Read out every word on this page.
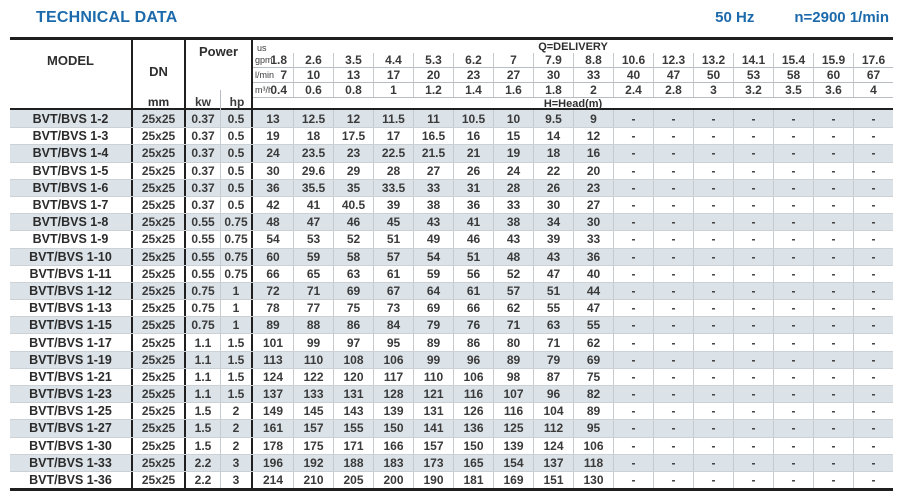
TECHNICAL DATA	50 Hz	n=2900 1/min
MODEL
DN
mm
Power
kw	hp
us	Q=DELIVERY
gpm
1.8 2.6 3.5 4.4 5.3 6.2 7 7.9 8.8 10.6 12.3 13.2 14.1 15.4 15.9 17.6
l/min 7 10 13 17 20 23 27 30 33 40 47 50 53 58 60 67
m³/h
0.4 0.6 0.8 1 1.2 1.4 1.6 1.8 2 2.4 2.8 3 3.2 3.5 3.6 4
H=Head(m)
BVT/BVS 1-2	25x25	0.37	0.5	13	12.5	12	11.5	11	10.5	10	9.5	9	-	-	-	-	-	-	-
BVT/BVS 1-3	25x25	0.37	0.5	19	18	17.5	17	16.5	16	15	14	12	-	-	-	-	-	-	-
BVT/BVS 1-4	25x25	0.37	0.5	24	23.5	23	22.5	21.5	21	19	18	16	-	-	-	-	-	-	-
BVT/BVS 1-5	25x25	0.37	0.5	30	29.6	29	28	27	26	24	22	20	-	-	-	-	-	-	-
BVT/BVS 1-6	25x25	0.37	0.5	36	35.5	35	33.5	33	31	28	26	23	-	-	-	-	-	-	-
BVT/BVS 1-7	25x25	0.37	0.5	42	41	40.5	39	38	36	33	30	27	-	-	-	-	-	-	-
BVT/BVS 1-8	25x25	0.55 0.75	48	47	46	45	43	41	38	34	30	-	-	-	-	-	-	-
BVT/BVS 1-9	25x25	0.55 0.75	54	53	52	51	49	46	43	39	33	-	-	-	-	-	-	-
BVT/BVS 1-10	25x25	0.55 0.75	60	59	58	57	54	51	48	43	36	-	-	-	-	-	-	-
BVT/BVS 1-11	25x25	0.55 0.75	66	65	63	61	59	56	52	47	40	-	-	-	-	-	-	-
BVT/BVS 1-12	25x25	0.75	1	72	71	69	67	64	61	57	51	44	-	-	-	-	-	-	-
BVT/BVS 1-13	25x25	0.75	1	78	77	75	73	69	66	62	55	47	-	-	-	-	-	-	-
BVT/BVS 1-15	25x25	0.75	1	89	88	86	84	79	76	71	63	55	-	-	-	-	-	-	-
BVT/BVS 1-17	25x25	1.1	1.5	101	99	97	95	89	86	80	71	62	-	-	-	-	-	-	-
BVT/BVS 1-19	25x25	1.1	1.5	113	110	108	106	99	96	89	79	69	-	-	-	-	-	-	-
BVT/BVS 1-21	25x25	1.1	1.5	124	122	120	117	110	106	98	87	75	-	-	-	-	-	-	-
BVT/BVS 1-23	25x25	1.1	1.5	137	133	131	128	121	116	107	96	82	-	-	-	-	-	-	-
BVT/BVS 1-25	25x25	1.5	2	149	145	143	139	131	126	116	104	89	-	-	-	-	-	-	-
BVT/BVS 1-27	25x25	1.5	2	161	157	155	150	141	136	125	112	95	-	-	-	-	-	-	-
BVT/BVS 1-30	25x25	1.5	2	178	175	171	166	157	150	139	124	106	-	-	-	-	-	-	-
BVT/BVS 1-33	25x25	2.2	3	196	192	188	183	173	165	154	137	118	-	-	-	-	-	-	-
BVT/BVS 1-36	25x25	2.2	3	214	210	205	200	190	181	169	151	130	-	-	-	-	-	-	-
